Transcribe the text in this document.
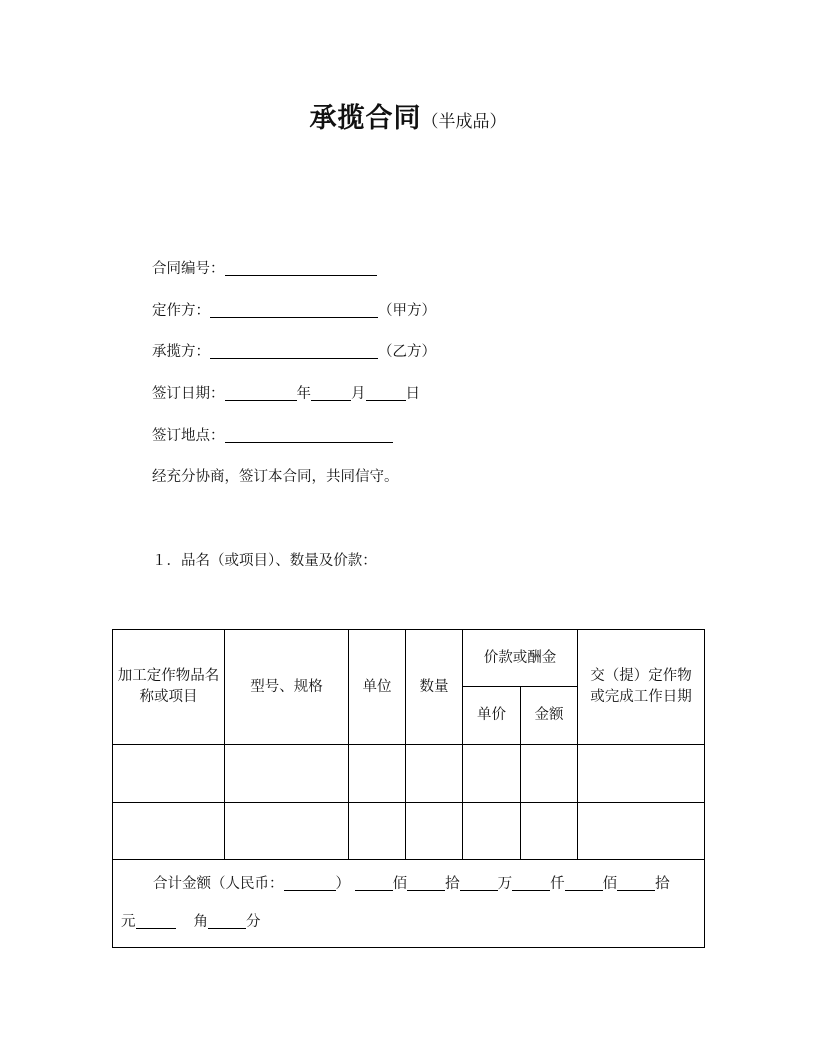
承揽合同（半成品）
合同编号：
定作方：	（甲方）
承揽方：	（乙方）
签订日期：	年	月	日
签订地点：
经充分协商，签订本合同，共同信守。
１．品名（或项目）、数量及价款：
加工定作物品名称或项目	型号、规格	单位	数量	价款或酬金		交（提）定作物或完成工作日期
				单价	金额	

合计金额（人民币： ） 佰 拾 万 仟 佰 拾
元 角 分						
